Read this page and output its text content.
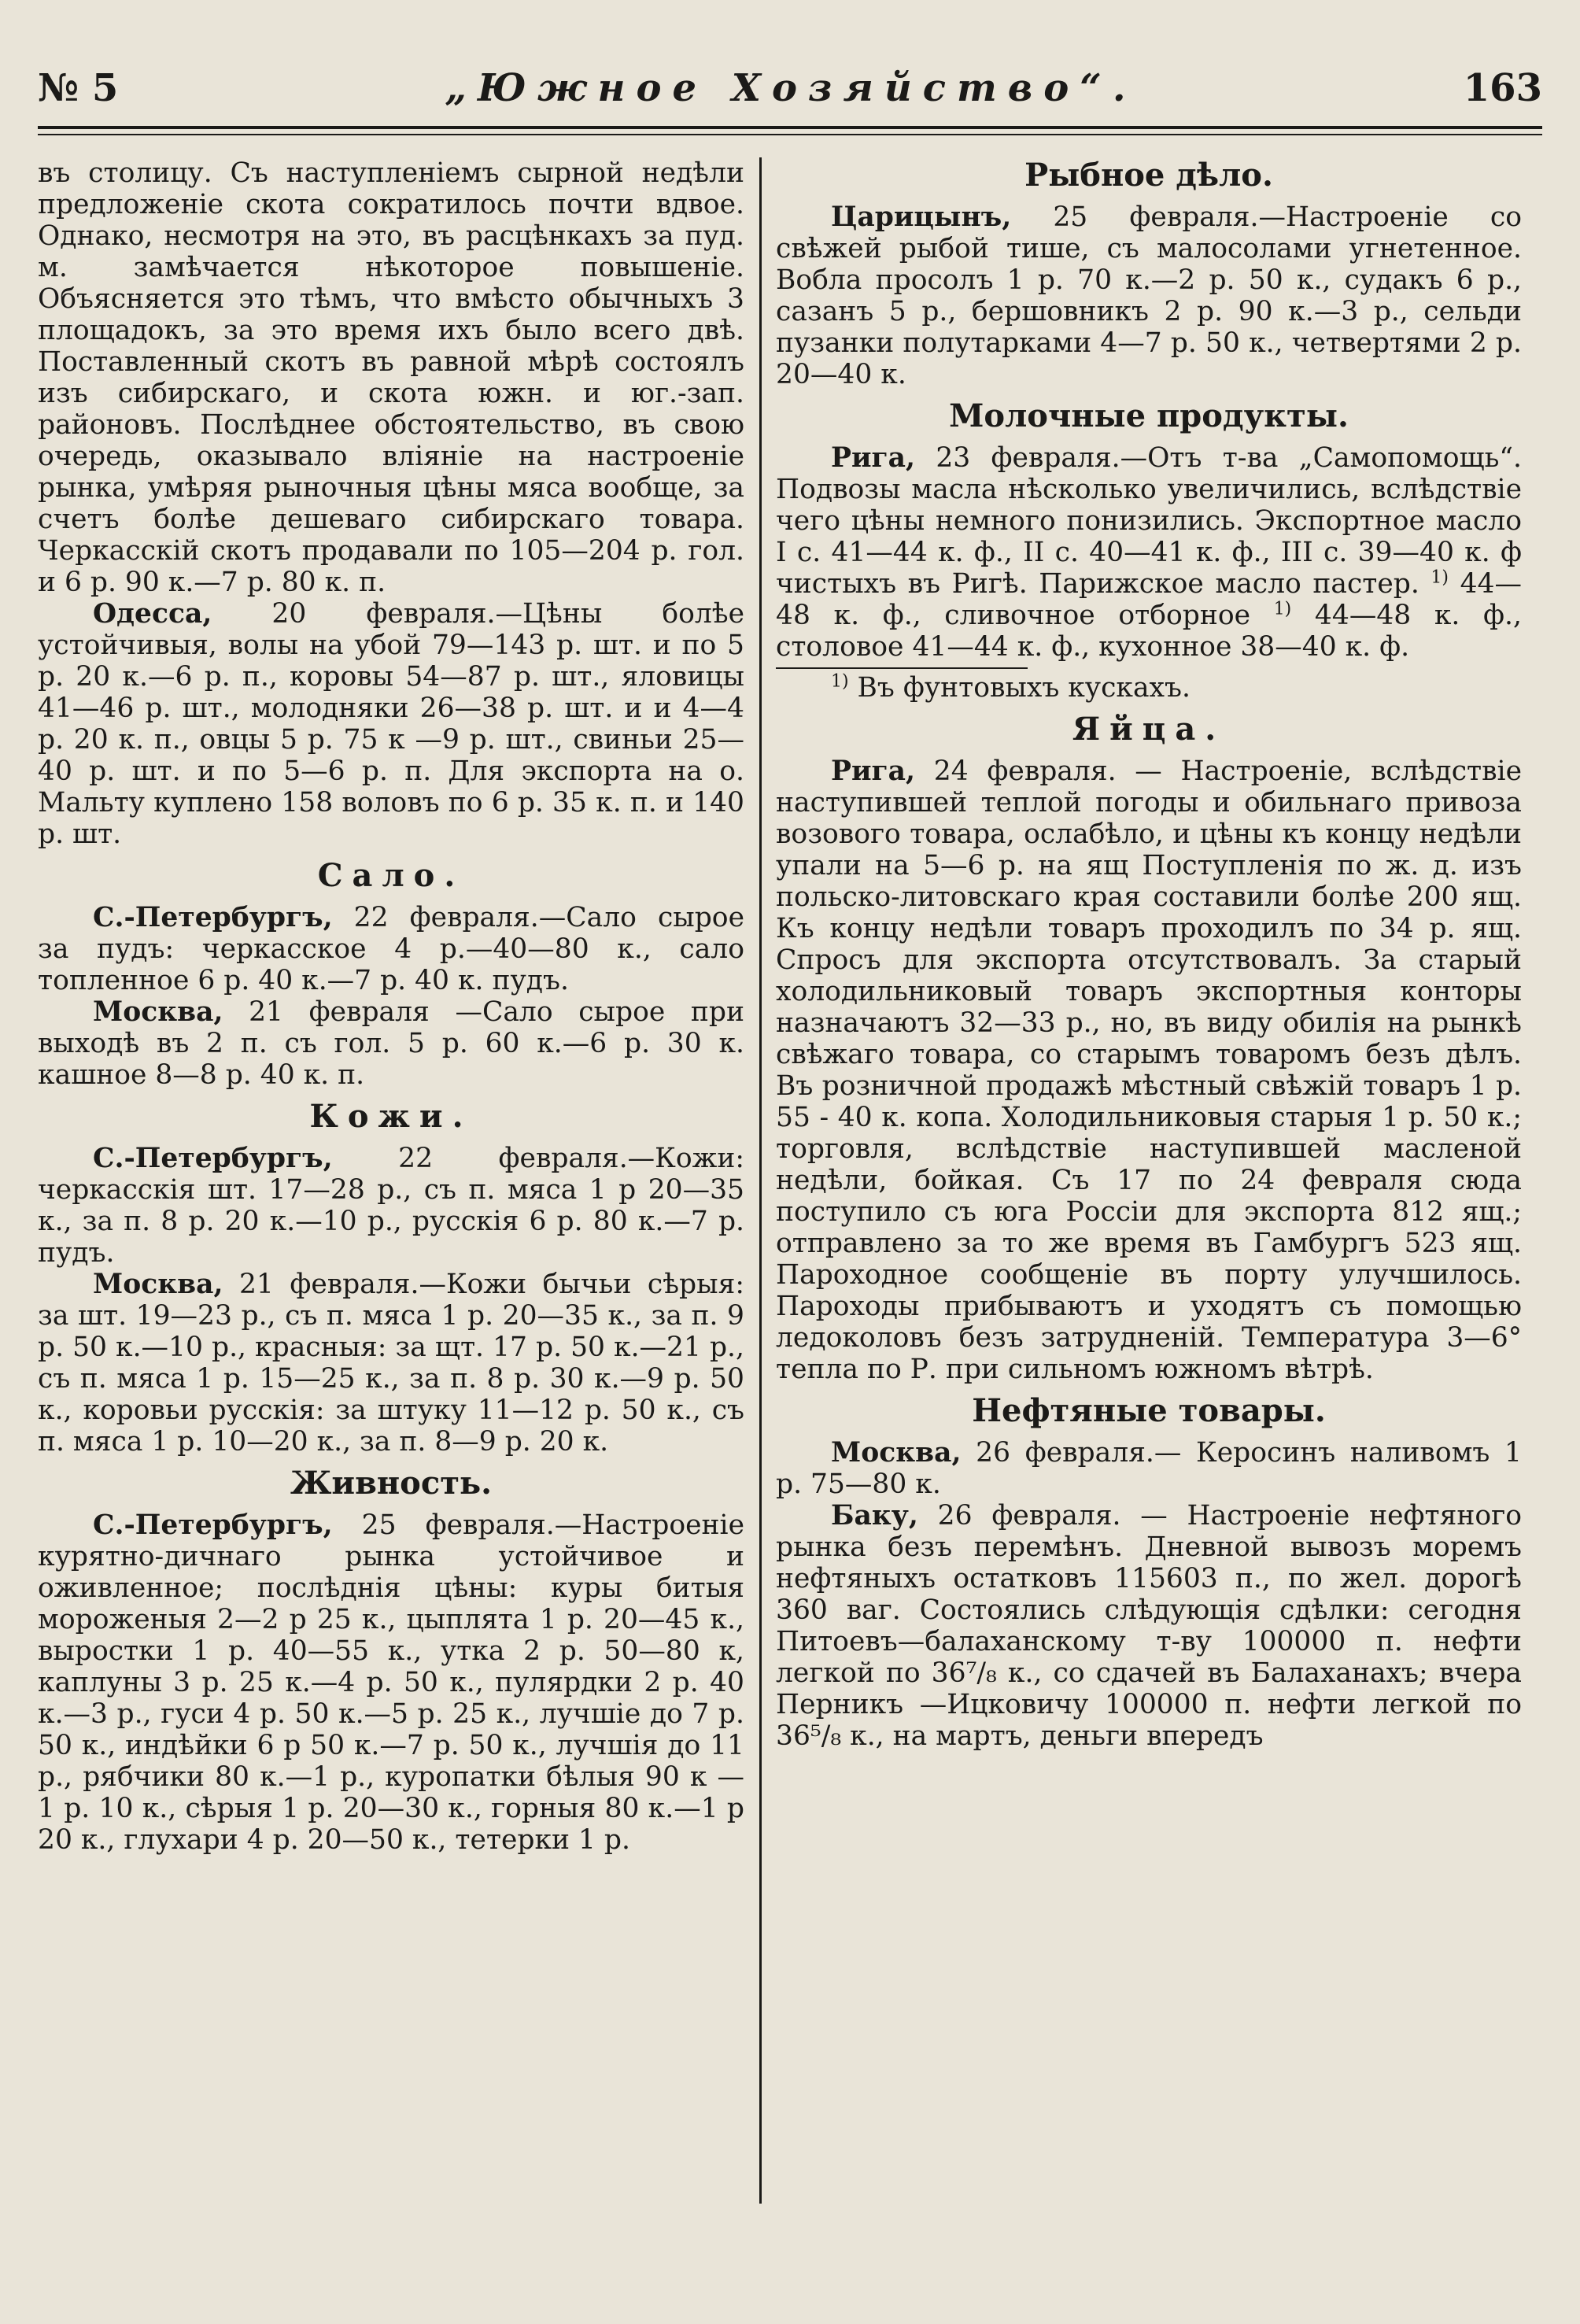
№ 5	„Южное Хозяйство“.	163

въ столицу. Съ наступленіемъ сырной недѣли предложеніе скота сократилось почти вдвое. Однако, несмотря на это, въ расцѣнкахъ за пуд. м. замѣчается нѣкоторое повышеніе. Объясняется это тѣмъ, что вмѣсто обычныхъ 3 площадокъ, за это время ихъ было всего двѣ. Поставленный скотъ въ равной мѣрѣ состоялъ изъ сибирскаго, и скота южн. и юг.-зап. районовъ. Послѣднее обстоятельство, въ свою очередь, оказывало вліяніе на настроеніе рынка, умѣряя рыночныя цѣны мяса вообще, за счетъ болѣе дешеваго сибирскаго товара. Черкасскій скотъ продавали по 105—204 р. гол. и 6 р. 90 к.—7 р. 80 к. п.

Одесса, 20 февраля.—Цѣны болѣе устойчивыя, волы на убой 79—143 р. шт. и по 5 р. 20 к.—6 р. п., коровы 54—87 р. шт., яловицы 41—46 р. шт., молодняки 26—38 р. шт. и и 4—4 р. 20 к. п., овцы 5 р. 75 к —9 р. шт., свиньи 25—40 р. шт. и по 5—6 р. п. Для экспорта на о. Мальту куплено 158 воловъ по 6 р. 35 к. п. и 140 р. шт.

Сало.

С.-Петербургъ, 22 февраля.—Сало сырое за пудъ: черкасское 4 р.—40—80 к., сало топленное 6 р. 40 к.—7 р. 40 к. пудъ.

Москва, 21 февраля —Сало сырое при выходѣ въ 2 п. съ гол. 5 р. 60 к.—6 р. 30 к. кашное 8—8 р. 40 к. п.

Кожи.

С.-Петербургъ, 22 февраля.—Кожи: черкасскія шт. 17—28 р., съ п. мяса 1 р 20—35 к., за п. 8 р. 20 к.—10 р., русскія 6 р. 80 к.—7 р. пудъ.

Москва, 21 февраля.—Кожи бычьи сѣрыя: за шт. 19—23 р., съ п. мяса 1 р. 20—35 к., за п. 9 р. 50 к.—10 р., красныя: за щт. 17 р. 50 к.—21 р., съ п. мяса 1 р. 15—25 к., за п. 8 р. 30 к.—9 р. 50 к., коровьи русскія: за штуку 11—12 р. 50 к., съ п. мяса 1 р. 10—20 к., за п. 8—9 р. 20 к.

Живность.

С.-Петербургъ, 25 февраля.—Настроеніе курятно-дичнаго рынка устойчивое и оживленное; послѣднія цѣны: куры битыя мороженыя 2—2 р 25 к., цыплята 1 р. 20—45 к., выростки 1 р. 40—55 к., утка 2 р. 50—80 к, каплуны 3 р. 25 к.—4 р. 50 к., пулярдки 2 р. 40 к.—3 р., гуси 4 р. 50 к.—5 р. 25 к., лучшіе до 7 р. 50 к., индѣйки 6 р 50 к.—7 р. 50 к., лучшія до 11 р., рябчики 80 к.—1 р., куропатки бѣлыя 90 к —1 р. 10 к., сѣрыя 1 р. 20—30 к., горныя 80 к.—1 р 20 к., глухари 4 р. 20—50 к., тетерки 1 р.

Рыбное дѣло.

Царицынъ, 25 февраля.—Настроеніе со свѣжей рыбой тише, съ малосолами угнетенное. Вобла просолъ 1 р. 70 к.—2 р. 50 к., судакъ 6 р., сазанъ 5 р., бершовникъ 2 р. 90 к.—3 р., сельди пузанки полутарками 4—7 р. 50 к., четвертями 2 р. 20—40 к.

Молочные продукты.

Рига, 23 февраля.—Отъ т-ва „Самопомощь“. Подвозы масла нѣсколько увеличились, вслѣдствіе чего цѣны немного понизились. Экспортное масло I с. 41—44 к. ф., II с. 40—41 к. ф., III с. 39—40 к. ф чистыхъ въ Ригѣ. Парижское масло пастер. $^{1)}$ 44—48 к. ф., сливочное отборное $^{1)}$ 44—48 к. ф., столовое 41—44 к. ф., кухонное 38—40 к. ф.

$^{1)}$ Въ фунтовыхъ кускахъ.

Яйца.

Рига, 24 февраля. — Настроеніе, вслѣдствіе наступившей теплой погоды и обильнаго привоза возового товара, ослабѣло, и цѣны къ концу недѣли упали на 5—6 р. на ящ Поступленія по ж. д. изъ польско-литовскаго края составили болѣе 200 ящ. Къ концу недѣли товаръ проходилъ по 34 р. ящ. Спросъ для экспорта отсутствовалъ. За старый холодильниковый товаръ экспортныя конторы назначаютъ 32—33 р., но, въ виду обилія на рынкѣ свѣжаго товара, со старымъ товаромъ безъ дѣлъ. Въ розничной продажѣ мѣстный свѣжій товаръ 1 р. 55 - 40 к. копа. Холодильниковыя старыя 1 р. 50 к.; торговля, вслѣдствіе наступившей масленой недѣли, бойкая. Съ 17 по 24 февраля сюда поступило съ юга Россіи для экспорта 812 ящ.; отправлено за то же время въ Гамбургъ 523 ящ. Пароходное сообщеніе въ порту улучшилось. Пароходы прибываютъ и уходятъ съ помощью ледоколовъ безъ затрудненій. Температура 3—6° тепла по Р. при сильномъ южномъ вѣтрѣ.

Нефтяные товары.

Москва, 26 февраля.— Керосинъ наливомъ 1 р. 75—80 к.

Баку, 26 февраля. — Настроеніе нефтяного рынка безъ перемѣнъ. Дневной вывозъ моремъ нефтяныхъ остатковъ 115603 п., по жел. дорогѣ 360 ваг. Состоялись слѣдующія сдѣлки: сегодня Питоевъ—балаханскому т-ву 100000 п. нефти легкой по 36⁷/₈ к., со сдачей въ Балаханахъ; вчера Перникъ —Ицковичу 100000 п. нефти легкой по 36⁵/₈ к., на мартъ, деньги впередъ
